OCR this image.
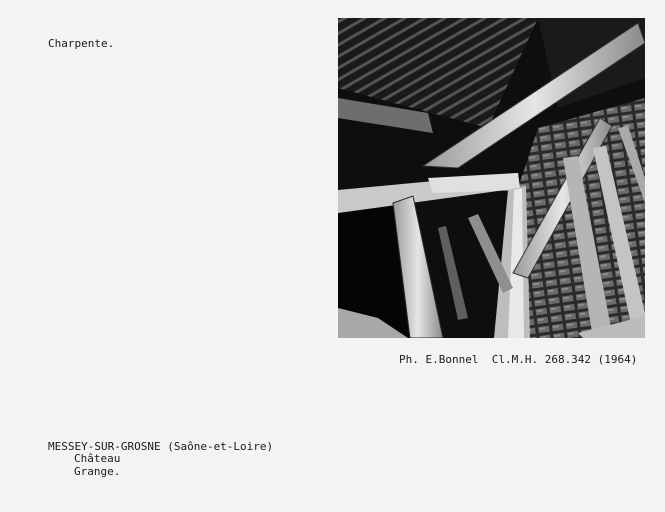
Charpente.
Ph. E.Bonnel  Cl.M.H. 268.342 (1964)
MESSEY-SUR-GROSNE (Saône-et-Loire)
Château
Grange.
